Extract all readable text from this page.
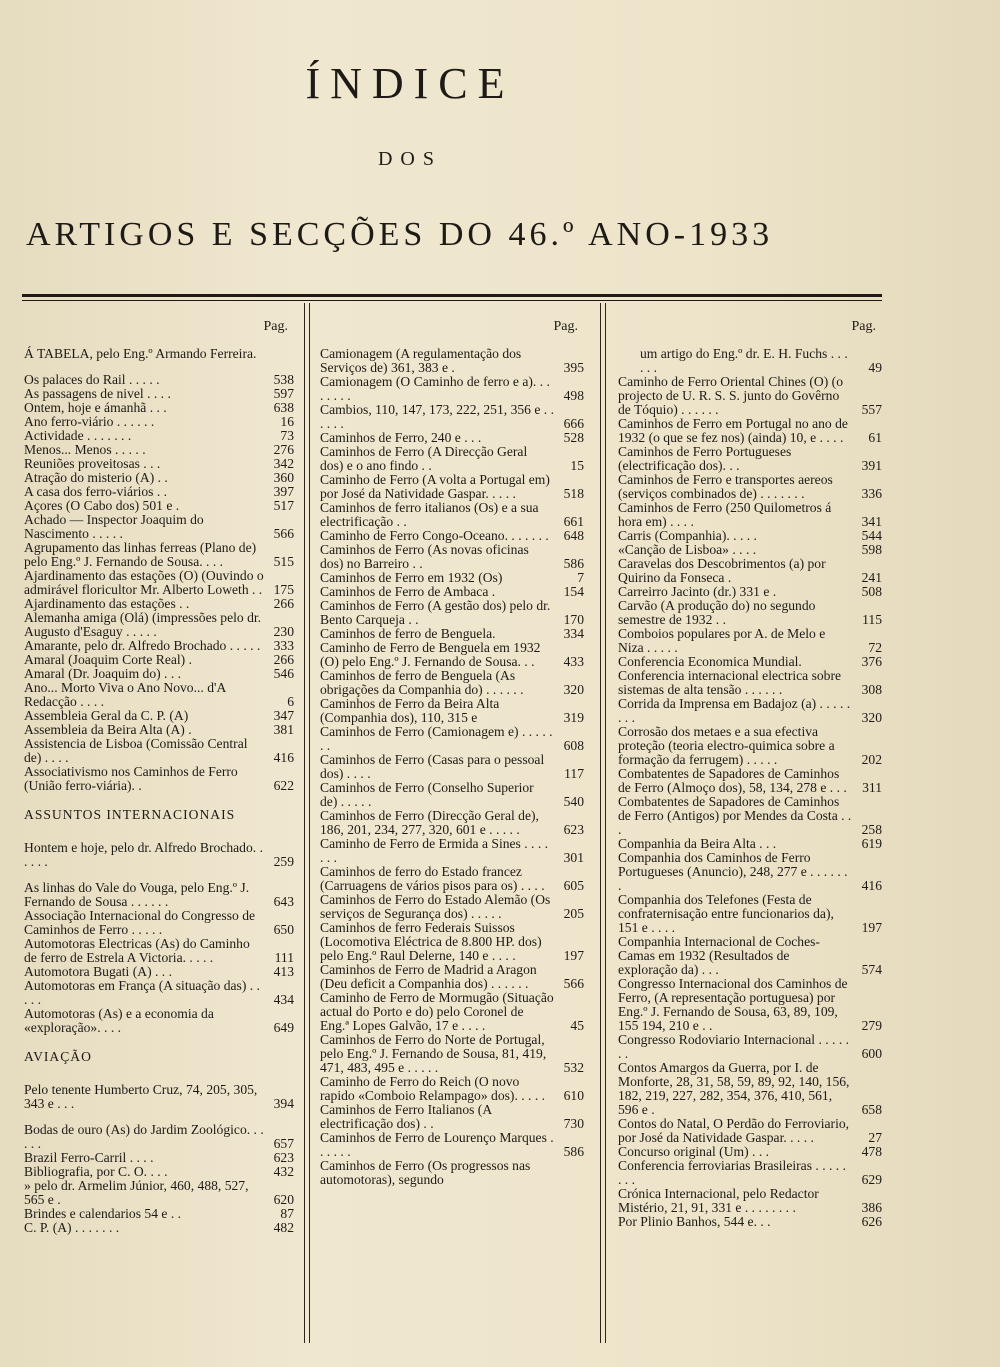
ÍNDICE
DOS
ARTIGOS E SECÇÕES DO 46.º ANO-1933
Pag.
Á TABELA, pelo Eng.º Armando Ferreira.
Os palaces do Rail . . . . .	538
As passagens de nivel . . . .	597
Ontem, hoje e ámanhã . . .	638
Ano ferro-viário . . . . . .	16
Actividade . . . . . . .	73
Menos... Menos . . . . .	276
Reuniões proveitosas . . .	342
Atração do misterio (A) . .	360
A casa dos ferro-viários . .	397
Açores (O Cabo dos) 501 e .	517
Achado — Inspector Joaquim do Nascimento . . . . .	566
Agrupamento das linhas ferreas (Plano de) pelo Eng.º J. Fernando de Sousa. . . .	515
Ajardinamento das estações (O) (Ouvindo o admirável floricultor Mr. Alberto Loweth . . 175
Ajardinamento das estações . .	266
Alemanha amiga (Olá) (impressões pelo dr. Augusto d'Esaguy . . . . .	230
Amarante, pelo dr. Alfredo Brochado . . . . . 333
Amaral (Joaquim Corte Real) .	266
Amaral (Dr. Joaquim do) . . .	546
Ano... Morto Viva o Ano Novo... d'A Redacção . . . .	6
Assembleia Geral da C. P. (A)	347
Assembleia da Beira Alta (A) .	381
Assistencia de Lisboa (Comissão Central de) . . . .	416
Associativismo nos Caminhos de Ferro (União ferro-viária). .	622
ASSUNTOS INTERNACIONAIS
Hontem e hoje, pelo dr. Alfredo Brochado. . . . . .	259
As linhas do Vale do Vouga, pelo Eng.º J. Fernando de Sousa . . . . . .	643
Associação Internacional do Congresso de Caminhos de Ferro . . . . .	650
Automotoras Electricas (As) do Caminho de ferro de Estrela A Victoria. . . . .	111
Automotora Bugati (A) . . .	413
Automotoras em França (A situação das) . . . . .	434
Automotoras (As) e a economia da «exploração». . . .	649
AVIAÇÃO
Pelo tenente Humberto Cruz, 74, 205, 305, 343 e . . .	394
Bodas de ouro (As) do Jardim Zoológico. . . . . .	657
Brazil Ferro-Carril . . . .	623
Bibliografia, por C. O. . . .	432
» pelo dr. Armelim Júnior, 460, 488, 527, 565 e .	620
Brindes e calendarios 54 e . .	87
C. P. (A) . . . . . . .	482
Pag.
Camionagem (A regulamentação dos Serviços de) 361, 383 e .	395
Camionagem (O Caminho de ferro e a). . . . . . . .	498
Cambios, 110, 147, 173, 222, 251, 356 e . . . . . .	666
Caminhos de Ferro, 240 e . . .	528
Caminhos de Ferro (A Direcção Geral dos) e o ano findo . .	15
Caminho de Ferro (A volta a Portugal em) por José da Natividade Gaspar. . . . .	518
Caminhos de ferro italianos (Os) e a sua electrificação . .	661
Caminho de Ferro Congo-Oceano. . . . . . .	648
Caminhos de Ferro (As novas oficinas dos) no Barreiro . .	586
Caminhos de Ferro em 1932 (Os)	7
Caminhos de Ferro de Ambaca .	154
Caminhos de Ferro (A gestão dos) pelo dr. Bento Carqueja . .	170
Caminhos de ferro de Benguela.	334
Caminho de Ferro de Benguela em 1932 (O) pelo Eng.º J. Fernando de Sousa. . .	433
Caminhos de ferro de Benguela (As obrigações da Companhia do) . . . . . .	320
Caminhos de Ferro da Beira Alta (Companhia dos), 110, 315 e	319
Caminhos de Ferro (Camionagem e) . . . . . . .	608
Caminhos de Ferro (Casas para o pessoal dos) . . . .	117
Caminhos de Ferro (Conselho Superior de) . . . . .	540
Caminhos de Ferro (Direcção Geral de), 186, 201, 234, 277, 320, 601 e . . . . .	623
Caminho de Ferro de Ermida a Sines . . . . . . .	301
Caminhos de ferro do Estado francez (Carruagens de vários pisos para os) . . . .	605
Caminhos de Ferro do Estado Alemão (Os serviços de Segurança dos) . . . . .	205
Caminhos de ferro Federais Suissos (Locomotiva Eléctrica de 8.800 HP. dos) pelo Eng.º Raul Delerne, 140 e . . . .	197
Caminhos de Ferro de Madrid a Aragon (Deu deficit a Companhia dos) . . . . . .	566
Caminho de Ferro de Mormugão (Situação actual do Porto e do) pelo Coronel de Eng.ª Lopes Galvão, 17 e . . . .	45
Caminhos de Ferro do Norte de Portugal, pelo Eng.º J. Fernando de Sousa, 81, 419, 471, 483, 495 e . . . . .	532
Caminho de Ferro do Reich (O novo rapido «Comboio Relampago» dos). . . . .	610
Caminhos de Ferro Italianos (A electrificação dos) . .	730
Caminhos de Ferro de Lourenço Marques . . . . . .	586
Caminhos de Ferro (Os progressos nas automotoras), segundo
Pag.
um artigo do Eng.º dr. E. H. Fuchs . . . . . .	49
Caminho de Ferro Oriental Chines (O) (o projecto de U. R. S. S. junto do Govêrno de Tóquio) . . . . . .	557
Caminhos de Ferro em Portugal no ano de 1932 (o que se fez nos) (ainda) 10, e . . . .	61
Caminhos de Ferro Portugueses (electrificação dos). . .	391
Caminhos de Ferro e transportes aereos (serviços combinados de) . . . . . . .	336
Caminhos de Ferro (250 Quilometros á hora em) . . . .	341
Carris (Companhia). . . . .	544
«Canção de Lisboa» . . . .	598
Caravelas dos Descobrimentos (a) por Quirino da Fonseca .	241
Carreirro Jacinto (dr.) 331 e .	508
Carvão (A produção do) no segundo semestre de 1932 . .	115
Comboios populares por A. de Melo e Niza . . . . .	72
Conferencia Economica Mundial.	376
Conferencia internacional electrica sobre sistemas de alta tensão . . . . . .	308
Corrida da Imprensa em Badajoz (a) . . . . . . . .	320
Corrosão dos metaes e a sua efectiva proteção (teoria electro-quimica sobre a formação da ferrugem) . . . . .	202
Combatentes de Sapadores de Caminhos de Ferro (Almoço dos), 58, 134, 278 e . . .	311
Combatentes de Sapadores de Caminhos de Ferro (Antigos) por Mendes da Costa . . .	258
Companhia da Beira Alta . . .	619
Companhia dos Caminhos de Ferro Portugueses (Anuncio), 248, 277 e . . . . . . .	416
Companhia dos Telefones (Festa de confraternisação entre funcionarios da), 151 e . . . .	197
Companhia Internacional de Coches-Camas em 1932 (Resultados de exploração da) . . .	574
Congresso Internacional dos Caminhos de Ferro, (A representação portuguesa) por Eng.º J. Fernando de Sousa, 63, 89, 109, 155 194, 210 e . .	279
Congresso Rodoviario Internacional . . . . . . .	600
Contos Amargos da Guerra, por I. de Monforte, 28, 31, 58, 59, 89, 92, 140, 156, 182, 219, 227, 282, 354, 376, 410, 561, 596 e .	658
Contos do Natal, O Perdão do Ferroviario, por José da Natividade Gaspar. . . . .	27
Concurso original (Um) . . .	478
Conferencia ferroviarias Brasileiras . . . . . . . .	629
Crónica Internacional, pelo Redactor Mistério, 21, 91, 331 e . . . . . . . .	386
Por Plinio Banhos, 544 e. . .	626
